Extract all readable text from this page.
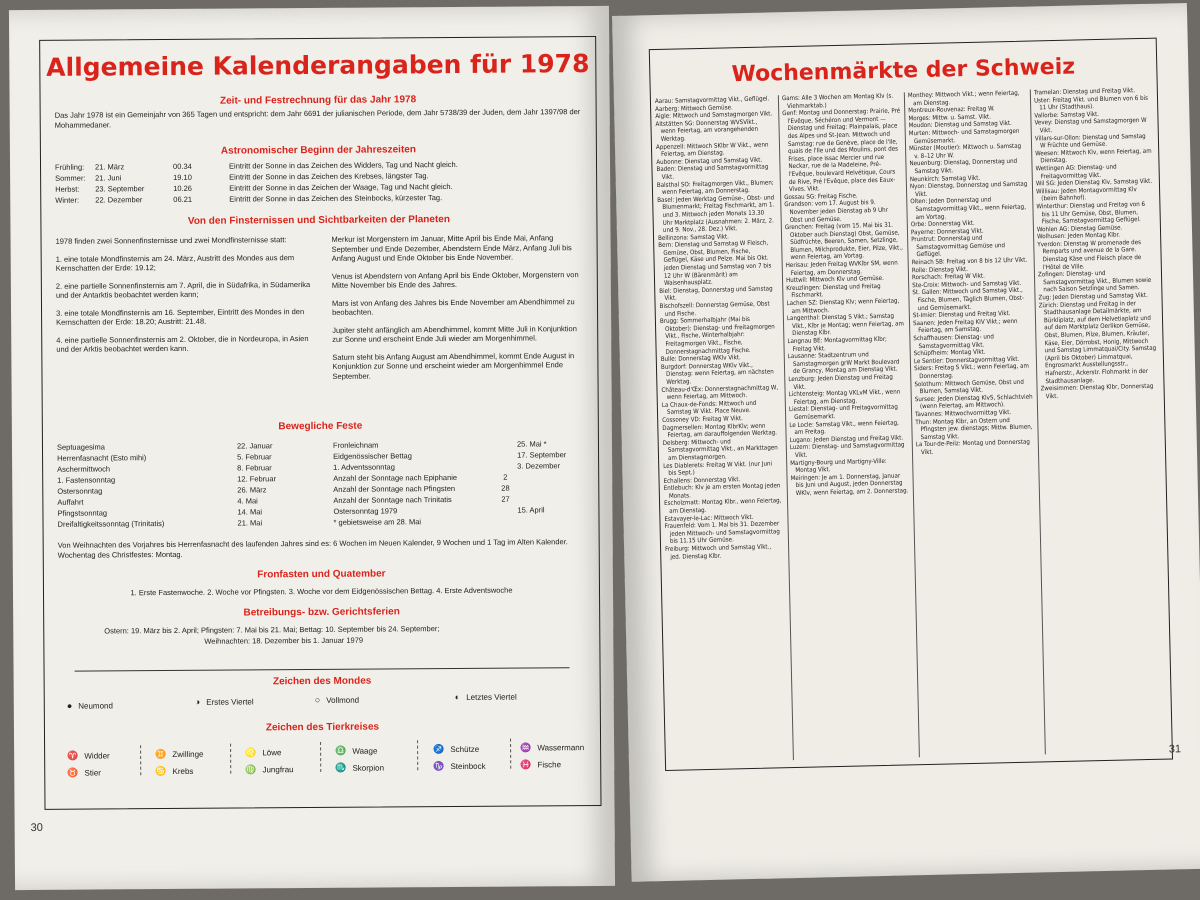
Allgemeine Kalenderangaben für 1978
Zeit- und Festrechnung für das Jahr 1978
Das Jahr 1978 ist ein Gemeinjahr von 365 Tagen und entspricht: dem Jahr 6691 der julianischen Periode, dem Jahr 5738/39 der Juden, dem Jahr 1397/98 der Mohammedaner.
Astronomischer Beginn der Jahreszeiten
Frühling: 21. März	00.34	Eintritt der Sonne in das Zeichen des Widders, Tag und Nacht gleich.
Sommer: 21. Juni	19.10	Eintritt der Sonne in das Zeichen des Krebses, längster Tag.
Herbst: 23. September	10.26	Eintritt der Sonne in das Zeichen der Waage, Tag und Nacht gleich.
Winter: 22. Dezember	06.21	Eintritt der Sonne in das Zeichen des Steinbocks, kürzester Tag.
Von den Finsternissen und Sichtbarkeiten der Planeten
1978 finden zwei Sonnenfinsternisse und zwei Mondfinsternisse statt:
1. eine totale Mondfinsternis am 24. März, Austritt des Mondes aus dem Kernschatten der Erde: 19.12;
2. eine partielle Sonnenfinsternis am 7. April, die in Südafrika, in Südamerika und der Antarktis beobachtet werden kann;
3. eine totale Mondfinsternis am 16. September, Eintritt des Mondes in den Kernschatten der Erde: 18.20; Austritt: 21.48.
4. eine partielle Sonnenfinsternis am 2. Oktober, die in Nordeuropa, in Asien und der Arktis beobachtet werden kann.
Merkur ist Morgenstern im Januar, Mitte April bis Ende Mai, Anfang September und Ende Dezember, Abendstern Ende März, Anfang Juli bis Anfang August und Ende Oktober bis Ende November.
Venus ist Abendstern von Anfang April bis Ende Oktober, Morgenstern von Mitte November bis Ende des Jahres.
Mars ist von Anfang des Jahres bis Ende November am Abendhimmel zu beobachten.
Jupiter steht anfänglich am Abendhimmel, kommt Mitte Juli in Konjunktion zur Sonne und erscheint Ende Juli wieder am Morgenhimmel.
Saturn steht bis Anfang August am Abendhimmel, kommt Ende August in Konjunktion zur Sonne und erscheint wieder am Morgenhimmel Ende September.
Bewegliche Feste
Septuagesima	22. Januar
Herrenfasnacht (Esto mihi)	5. Februar
Aschermittwoch	8. Februar
1. Fastensonntag	12. Februar
Ostersonntag	26. März
Auffahrt	4. Mai
Pfingstsonntag	14. Mai
Dreifaltigkeitssonntag (Trinitatis)	21. Mai
Fronleichnam	25. Mai *
Eidgenössischer Bettag	17. September
1. Adventssonntag	3. Dezember
Anzahl der Sonntage nach Epiphanie	2
Anzahl der Sonntage nach Pfingsten	28
Anzahl der Sonntage nach Trinitatis	27
Ostersonntag 1979	15. April
* gebietsweise am 28. Mai
Von Weihnachten des Vorjahres bis Herrenfasnacht des laufenden Jahres sind es: 6 Wochen im Neuen Kalender, 9 Wochen und 1 Tag im Alten Kalender. Wochentag des Christfestes: Montag.
Fronfasten und Quatember
1. Erste Fastenwoche. 2. Woche vor Pfingsten. 3. Woche vor dem Eidgenössischen Bettag. 4. Erste Adventswoche
Betreibungs- bzw. Gerichtsferien
Ostern: 19. März bis 2. April; Pfingsten: 7. Mai bis 21. Mai; Bettag: 10. September bis 24. September;
Weihnachten: 18. Dezember bis 1. Januar 1979
Zeichen des Mondes
● Neumond	◑ Erstes Viertel	○ Vollmond	◐ Letztes Viertel
Zeichen des Tierkreises
♈ Widder
♉ Stier
♊ Zwillinge
♋ Krebs
♌ Löwe
♍ Jungfrau
♎ Waage
♏ Skorpion
♐ Schütze
♑ Steinbock
♒ Wassermann
♓ Fische
30
Wochenmärkte der Schweiz

Aarau: Samstagvormittag Vikt., Geflügel.

Aarberg: Mittwoch Gemüse.

Aigle: Mittwoch und Samstagmorgen Vikt.

Altstätten SG: Donnerstag WVSVikt., wenn Feiertag, am vorangehenden Werktag.

Appenzell: Mittwoch SKlbr W Vikt., wenn Feiertag, am Dienstag.

Aubonne: Dienstag und Samstag Vikt.

Baden: Dienstag und Samstagvormittag Vikt.

Balsthal SO: Freitagmorgen Vikt., Blumen; wenn Feiertag, am Donnerstag.

Basel: Jeden Werktag Gemüse-, Obst- und Blumenmarkt; Freitag Fischmarkt, am 1. und 3. Mittwoch jeden Monats 13.30 Uhr Marktplatz (Ausnahmen: 2. März, 2. und 9. Nov., 28. Dez.) Vikt.

Bellinzona: Samstag Vikt.

Bern: Dienstag und Samstag W Fleisch, Gemüse, Obst, Blumen, Fische, Geflügel, Käse und Pelze. Mai bis Okt. jeden Dienstag und Samstag von 7 bis 12 Uhr W (Bärenmärit) am Waisenhausplatz.

Biel: Dienstag, Donnerstag und Samstag Vikt.

Bischofszell: Donnerstag Gemüse, Obst und Fische.

Brugg: Sommerhalbjahr (Mai bis Oktober): Dienstag- und Freitagmorgen Vikt., Fische, Winterhalbjahr: Freitagmorgen Vikt., Fische, Donnerstagnachmittag Fische.

Bulle: Donnerstag WKlv Vikt.

Burgdorf: Donnerstag WKlv Vikt., Dienstag: wenn Feiertag, am nächsten Werktag.

Château-d'Œx: Donnerstagnachmittag W, wenn Feiertag, am Mittwoch.

La Chaux-de-Fonds: Mittwoch und Samstag W Vikt. Place Neuve.

Cossoney VD: Freitag W Vikt.

Dagmersellen: Montag KlbrKlv; wenn Feiertag, am darauffolgenden Werktag.

Delsberg: Mittwoch- und Samstagvormittag Vikt., an Markttagen am Dienstagmorgen.

Les Diablerets: Freitag W Vikt. (nur Juni bis Sept.)

Echallens: Donnerstag Vikt.

Entlebuch: Klv je am ersten Montag jeden Monats.

Escholzmatt: Montag Klbr., wenn Feiertag, am Dienstag.

Estavayer-le-Lac: Mittwoch Vikt.

Frauenfeld: Vom 1. Mai bis 31. Dezember jeden Mittwoch- und Samstagvormittag bis 11.15 Uhr Gemüse.

Freiburg: Mittwoch und Samstag Vikt., jed. Dienstag Klbr.

Gams: Alle 3 Wochen am Montag Klv (s. Viehmarktab.)

Genf: Montag und Donnerstag: Prairie, Pré l'Evêque, Séchéron und Vermont — Dienstag und Freitag: Plainpalais, place des Alpes und St-Jean. Mittwoch und Samstag: rue de Genève, place de l'Ile, quais de l'Ile und des Moulins, pont des Frises, place Issac Mercier und rue Neckar, rue de la Madeleine, Pré-l'Evêque, boulevard Helvétique, Cours de Rive, Pré l'Evêque, place des Eaux-Vives. Vikt.

Gossau SG: Freitag Fische.

Grandson: vom 17. August bis 9. November jeden Dienstag ab 9 Uhr Obst und Gemüse.

Grenchen: Freitag (vom 15. Mai bis 31. Oktober auch Dienstag) Obst, Gemüse, Südfrüchte, Beeren, Samen, Setzlinge, Blumen, Milchprodukte, Eier, Pilze, Vikt., wenn Feiertag, am Vortag.

Herisau: Jeden Freitag WVKlbr SM, wenn Feiertag, am Donnerstag.

Huttwil: Mittwoch Klv und Gemüse.

Kreuzlingen: Dienstag und Freitag Fischmarkt.

Lachen SZ: Dienstag Klv; wenn Feiertag, am Mittwoch.

Langenthal: Dienstag S Vikt.; Samstag Vikt., Klbr je Montag; wenn Feiertag, am Dienstag Klbr.

Langnau BE: Montagvormittag Klbr; Freitag Vikt.

Lausanne: Stadtzentrum und Samstagmorgen grW Markt Boulevard de Grancy, Montag am Dienstag Vikt.

Lenzburg: Jeden Dienstag und Freitag Vikt.

Lichtensteig: Montag VKLvM Vikt., wenn Feiertag, am Dienstag.

Liestal: Dienstag- und Freitagvormittag Gemüsemarkt.

Le Locle: Samstag Vikt., wenn Feiertag, am Freitag.

Lugano: Jeden Dienstag und Freitag Vikt.

Luzern: Dienstag- und Samstagvormittag Vikt.

Martigny-Bourg und Martigny-Ville: Montag Vikt.

Meiringen: Je am 1. Donnerstag, Januar bis Juni und August, jeden Donnerstag WKlv, wenn Feiertag, am 2. Donnerstag.

Monthey: Mittwoch Vikt.; wenn Feiertag, am Dienstag.

Montreux-Rouvenaz: Freitag W.

Morges: Mittw. u. Samst. Vikt.

Moudon: Dienstag und Samstag Vikt.

Murten: Mittwoch- und Samstagmorgen Gemüsemarkt.

Münster (Moutier): Mittwoch u. Samstag v. 8–12 Uhr W.

Neuenburg: Dienstag, Donnerstag und Samstag Vikt.

Neunkirch: Samstag Vikt.

Nyon: Dienstag, Donnerstag und Samstag Vikt.

Olten: Jeden Donnerstag und Samstagvormittag Vikt., wenn Feiertag, am Vortag.

Orbe: Donnerstag Vikt.

Payerne: Donnerstag Vikt.

Pruntrut: Donnerstag und Samstagvormittag Gemüse und Geflügel.

Reinach SB: Freitag von 8 bis 12 Uhr Vikt.

Rolle: Dienstag Vikt.

Rorschach: Freitag W Vikt.

Ste-Croix: Mittwoch- und Samstag Vikt.

St. Gallen: Mittwoch und Samstag Vikt., Fische, Blumen, Täglich Blumen, Obst- und Gemüsemarkt.

St-Imier: Dienstag und Freitag Vikt.

Saanen: Jeden Freitag KIV Vikt.; wenn Feiertag, am Samstag.

Schaffhausen: Dienstag- und Samstagvormittag Vikt.

Schüpfheim: Montag Vikt.

Le Sentier: Donnerstagvormittag Vikt.

Siders: Freitag S Vikt.; wenn Feiertag, am Donnerstag.

Solothurn: Mittwoch Gemüse, Obst und Blumen, Samstag Vikt.

Sursee: Jeden Dienstag KlvS, Schlachtvieh (wenn Feiertag, am Mittwoch).

Tavannes: Mittwochvormittag Vikt.

Thun: Montag Klbr, an Ostern und Pfingsten jew. dienstags; Mittw. Blumen, Samstag Vikt.

La Tour-de-Peilz: Montag und Donnerstag Vikt.

Tramelan: Dienstag und Freitag Vikt.

Uster: Freitag Vikt. und Blumen von 6 bis 11 Uhr (Stadthaus).

Vallorbe: Samstag Vikt.

Vevey: Dienstag und Samstagmorgen W Vikt.

Villars-sur-Ollon: Dienstag und Samstag W Früchte und Gemüse.

Weesen: Mittwoch Klv, wenn Feiertag, am Dienstag.

Wettingen AG: Dienstag- und Freitagvormittag Vikt.

Wil SG: Jeden Dienstag Klv, Samstag Vikt.

Willisau: Jeden Montagvormittag Klv (beim Bahnhof).

Winterthur: Dienstag und Freitag von 6 bis 11 Uhr Gemüse, Obst, Blumen, Fische, Samstagvormittag Geflügel.

Wohlen AG: Dienstag Gemüse.

Wolhusen: Jeden Montag Klbr.

Yverdon: Dienstag W promenade des Remparts und avenue de la Gare. Dienstag Käse und Fleisch place de l'Hôtel de Ville.

Zofingen: Dienstag- und Samstagvormittag Vikt., Blumen sowie nach Saison Setzlinge und Samen.

Zug: Jeden Dienstag und Samstag Vikt.

Zürich: Dienstag und Freitag in der Stadthausanlage Detailmärkte, am Bürkliplatz, auf dem Helvetiaplatz und auf dem Marktplatz Oerlikon Gemüse, Obst, Blumen, Pilze, Blumen, Kräuter, Käse, Eier, Dörrobst, Honig, Mittwoch und Samstag Limmatquai/City. Samstag (April bis Oktober) Limmatquai, Engrosmarkt Ausstellungsstr., Hafnerstr., Ackerstr. Flohmarkt in der Stadthausanlage.

Zweisimmen: Dienstag Klbr, Donnerstag Vikt.

31
